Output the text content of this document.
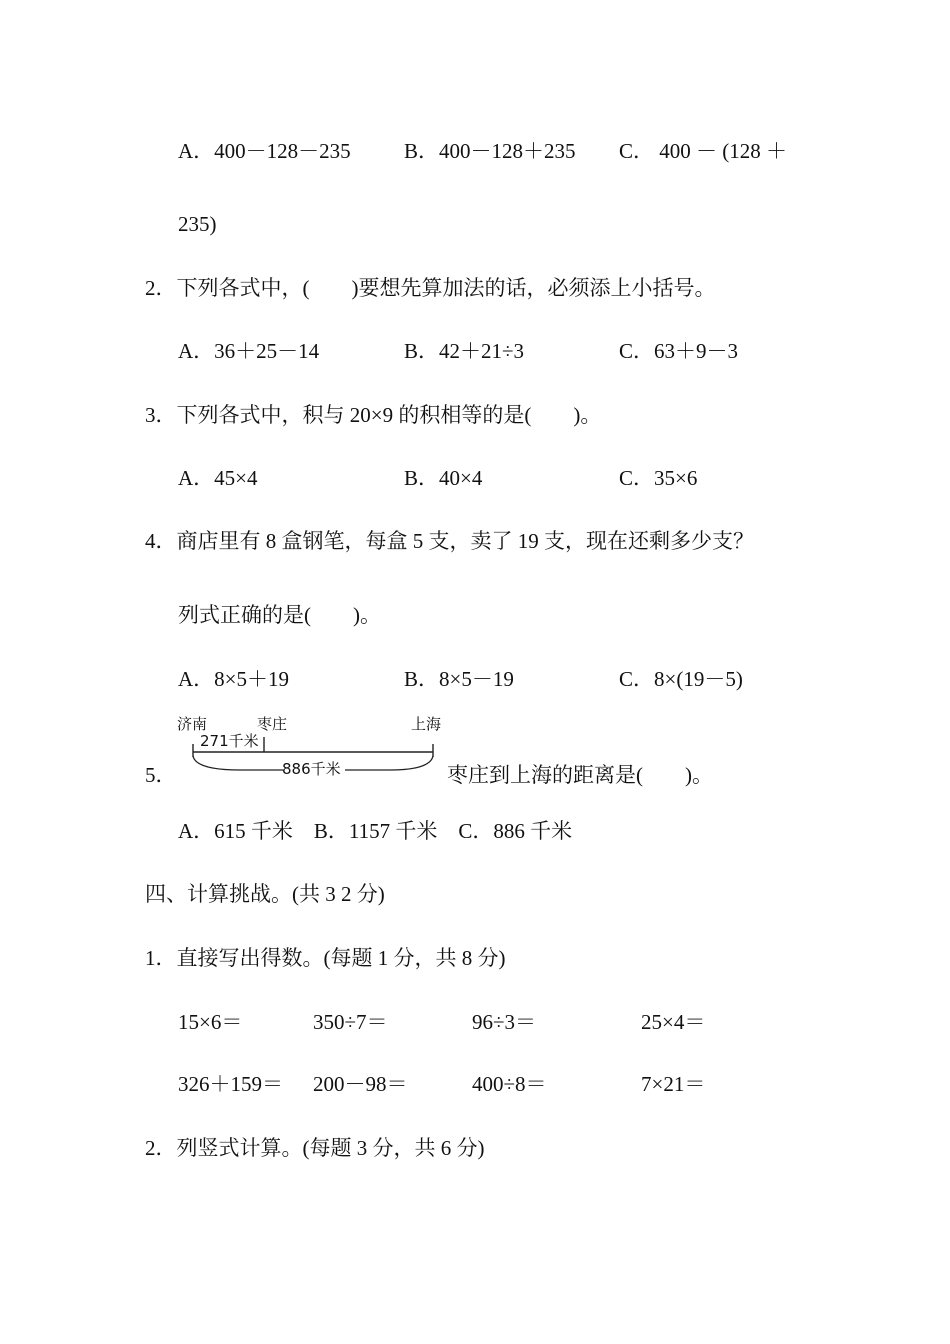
A．400－128－235	B．400－128＋235 C． 400 － (128 ＋
235)
2．下列各式中，(　　)要想先算加法的话，必须添上小括号。
A．36＋25－14	B．42＋21÷3	C．63＋9－3
3．下列各式中，积与 20×9 的积相等的是(　　)。
A．45×4	B．40×4	C．35×6
4．商店里有 8 盒钢笔，每盒 5 支，卖了 19 支，现在还剩多少支？
列式正确的是(　　)。
A．8×5＋19	B．8×5－19	C．8×(19－5)
济南	枣庄	上海
271千米
886千米
5．	枣庄到上海的距离是(　　)。
A．615 千米　B．1157 千米　C．886 千米
四、计算挑战。(共 3 2 分)
1．直接写出得数。(每题 1 分，共 8 分)
15×6＝	350÷7＝	96÷3＝	25×4＝
326＋159＝ 200－98＝	400÷8＝	7×21＝
2．列竖式计算。(每题 3 分，共 6 分)
